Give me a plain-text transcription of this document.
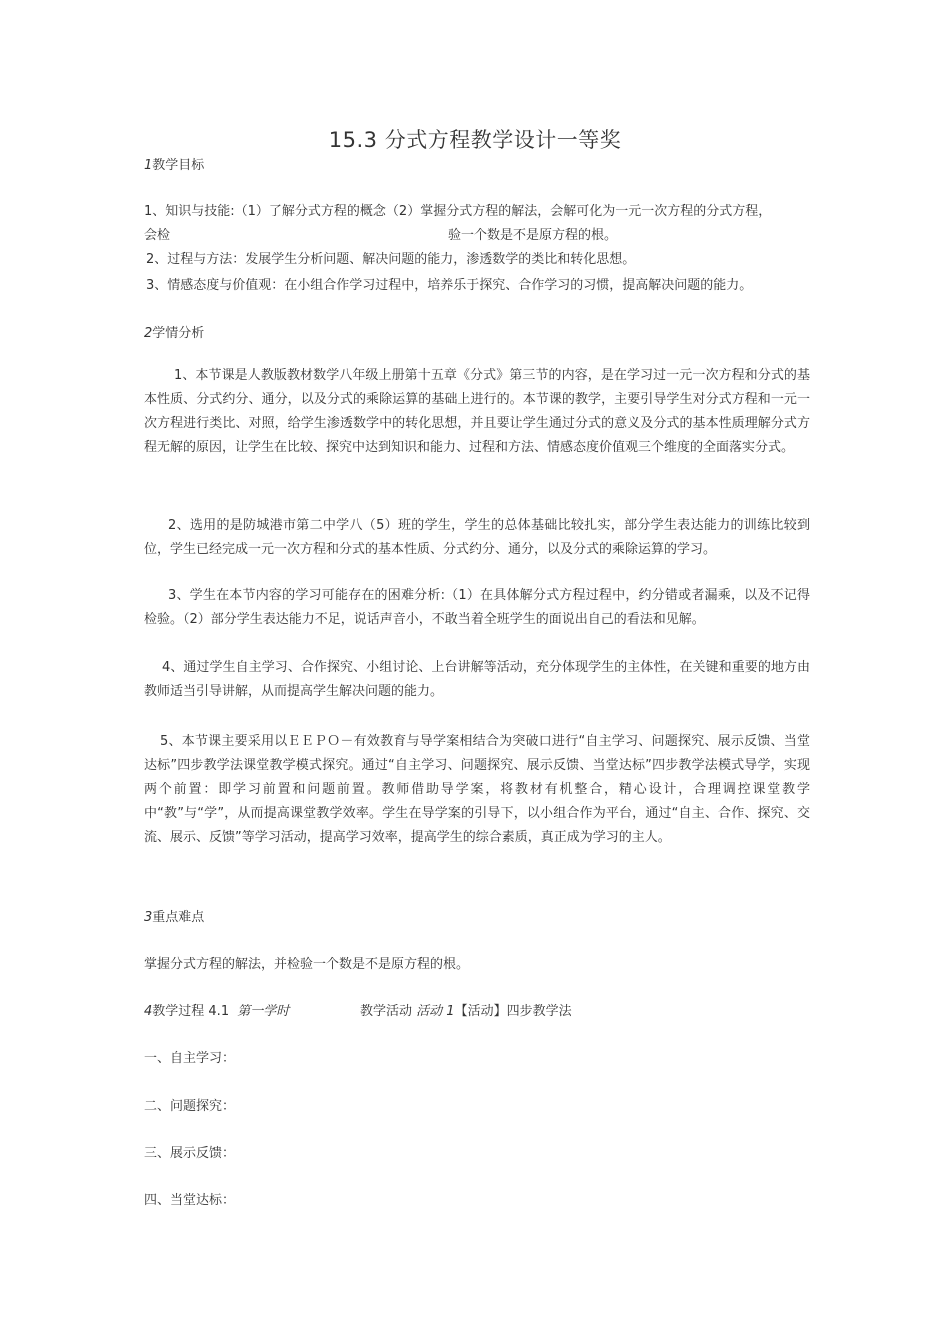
15.3 分式方程教学设计一等奖
1教学目标
1、知识与技能:（1）了解分式方程的概念（2）掌握分式方程的解法，会解可化为一元一次方程的分式方程，
会检	验一个数是不是原方程的根。
2、过程与方法：发展学生分析问题、解决问题的能力，渗透数学的类比和转化思想。
3、情感态度与价值观：在小组合作学习过程中，培养乐于探究、合作学习的习惯，提高解决问题的能力。
2学情分析
1、本节课是人教版教材数学八年级上册第十五章《分式》第三节的内容，是在学习过一元一次方程和分式的基本性质、分式约分、通分，以及分式的乘除运算的基础上进行的。本节课的教学，主要引导学生对分式方程和一元一次方程进行类比、对照，给学生渗透数学中的转化思想，并且要让学生通过分式的意义及分式的基本性质理解分式方程无解的原因，让学生在比较、探究中达到知识和能力、过程和方法、情感态度价值观三个维度的全面落实分式。
2、选用的是防城港市第二中学八（5）班的学生，学生的总体基础比较扎实，部分学生表达能力的训练比较到位，学生已经完成一元一次方程和分式的基本性质、分式约分、通分，以及分式的乘除运算的学习。
3、学生在本节内容的学习可能存在的困难分析:（1）在具体解分式方程过程中，约分错或者漏乘，以及不记得检验。（2）部分学生表达能力不足，说话声音小，不敢当着全班学生的面说出自己的看法和见解。
4、通过学生自主学习、合作探究、小组讨论、上台讲解等活动，充分体现学生的主体性，在关键和重要的地方由教师适当引导讲解，从而提高学生解决问题的能力。
5、本节课主要采用以ＥＥＰＯ－有效教育与导学案相结合为突破口进行“自主学习、问题探究、展示反馈、当堂达标”四步教学法课堂教学模式探究。通过“自主学习、问题探究、展示反馈、当堂达标”四步教学法模式导学，实现两个前置：即学习前置和问题前置。教师借助导学案，将教材有机整合，精心设计，合理调控课堂教学中“教”与“学”，从而提高课堂教学效率。学生在导学案的引导下，以小组合作为平台，通过“自主、合作、探究、交流、展示、反馈”等学习活动，提高学习效率，提高学生的综合素质，真正成为学习的主人。
3重点难点
掌握分式方程的解法，并检验一个数是不是原方程的根。
4教学过程 4.1 第一学时	教学活动 活动 1【活动】四步教学法
一、自主学习：
二、问题探究：
三、展示反馈：
四、当堂达标：
